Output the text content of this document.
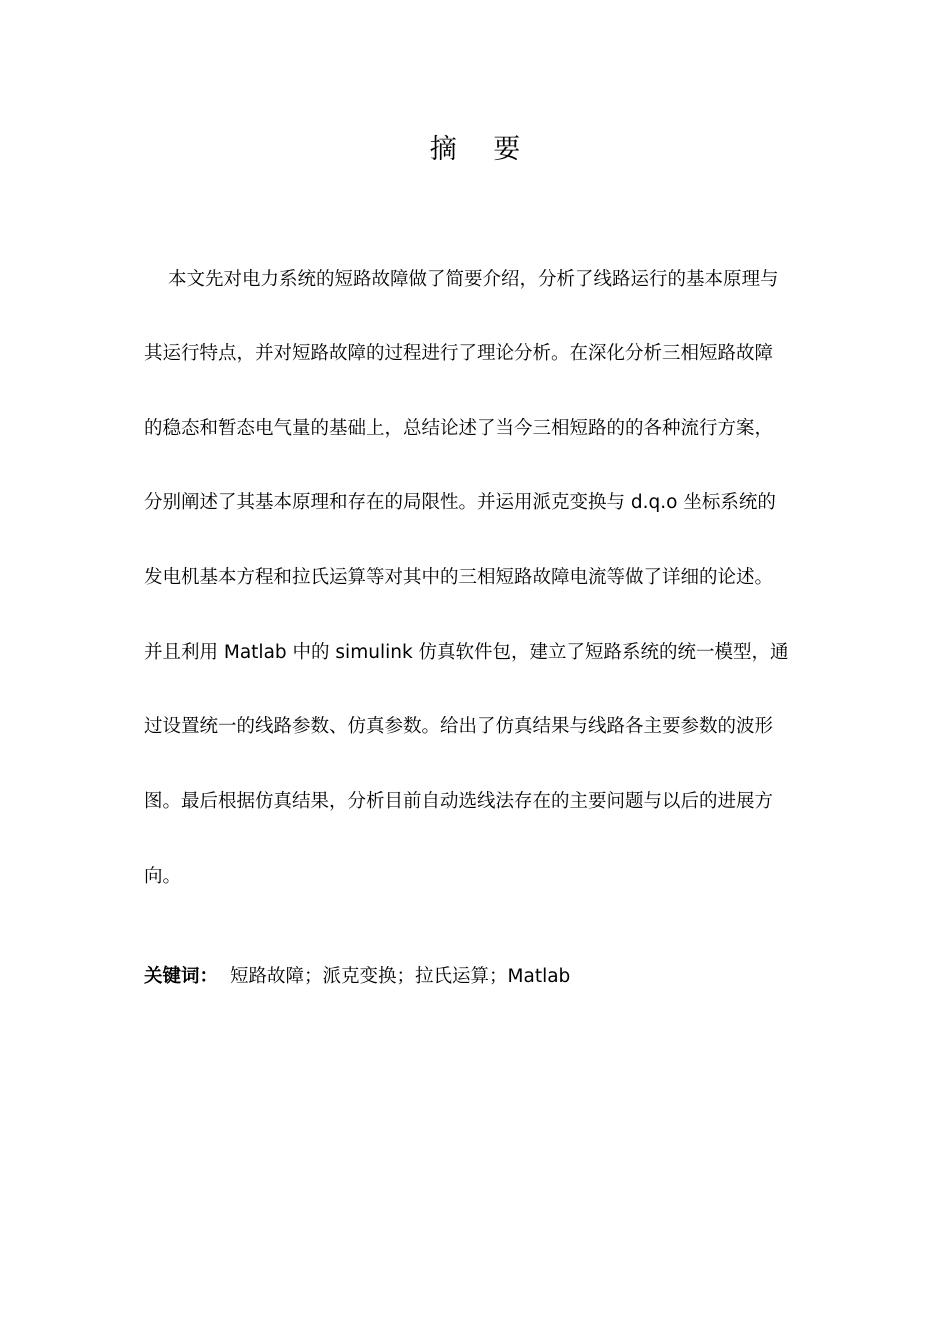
摘 要
本文先对电力系统的短路故障做了简要介绍，分析了线路运行的基本原理与
其运行特点，并对短路故障的过程进行了理论分析。在深化分析三相短路故障
的稳态和暂态电气量的基础上，总结论述了当今三相短路的的各种流行方案，
分别阐述了其基本原理和存在的局限性。并运用派克变换与 d.q.o 坐标系统的
发电机基本方程和拉氏运算等对其中的三相短路故障电流等做了详细的论述。
并且利用 Matlab 中的 simulink 仿真软件包，建立了短路系统的统一模型，通
过设置统一的线路参数、仿真参数。给出了仿真结果与线路各主要参数的波形
图。最后根据仿真结果，分析目前自动选线法存在的主要问题与以后的进展方
向。
关键词： 短路故障；派克变换；拉氏运算；Matlab
